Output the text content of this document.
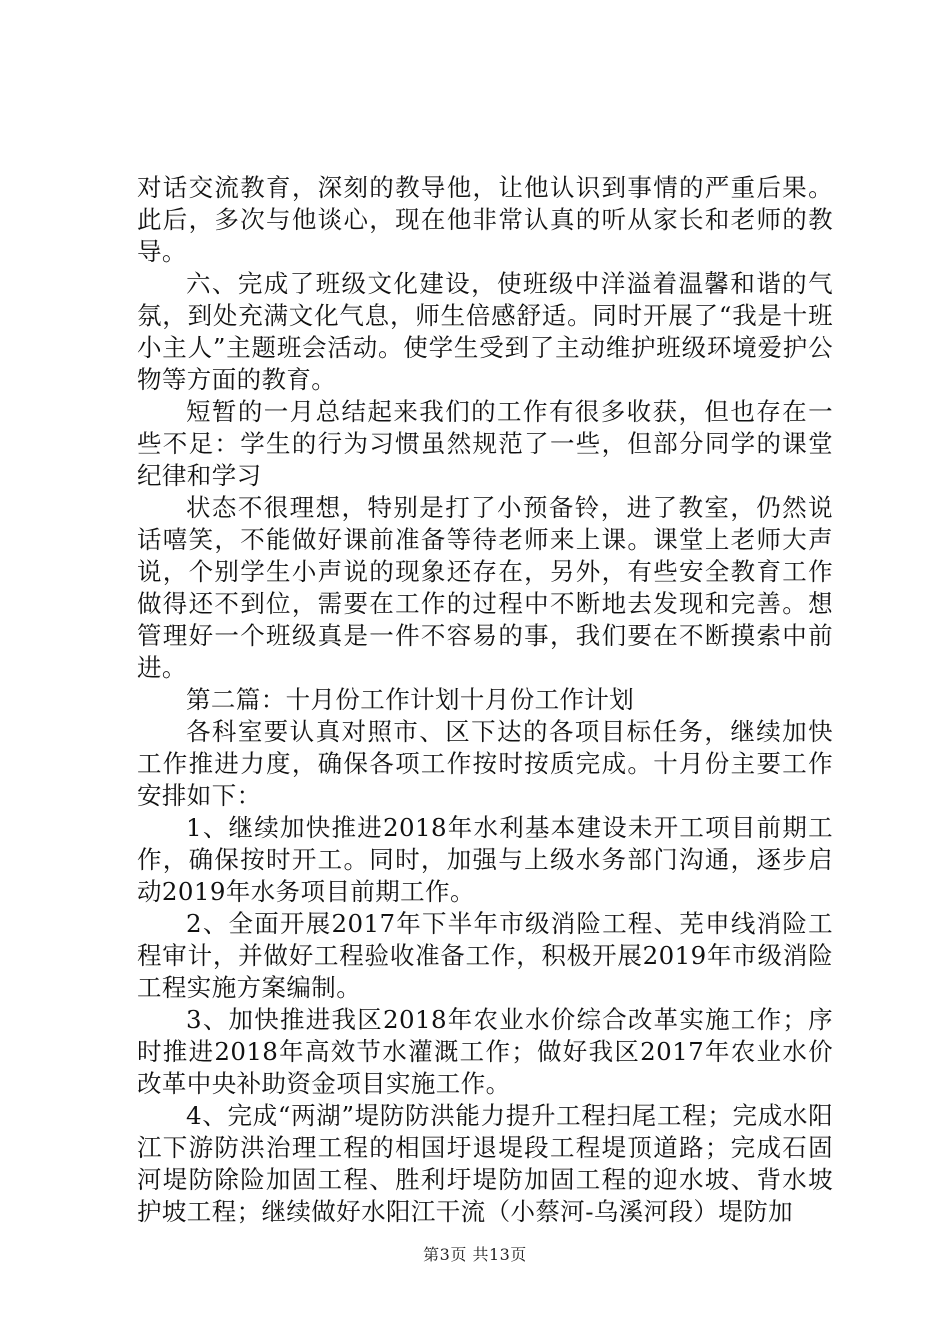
对话交流教育，深刻的教导他，让他认识到事情的严重后果。此后，多次与他谈心，现在他非常认真的听从家长和老师的教导。

六、完成了班级文化建设，使班级中洋溢着温馨和谐的气氛，到处充满文化气息，师生倍感舒适。同时开展了“我是十班小主人”主题班会活动。使学生受到了主动维护班级环境爱护公物等方面的教育。

短暂的一月总结起来我们的工作有很多收获，但也存在一些不足：学生的行为习惯虽然规范了一些，但部分同学的课堂纪律和学习

状态不很理想，特别是打了小预备铃，进了教室，仍然说话嘻笑，不能做好课前准备等待老师来上课。课堂上老师大声说，个别学生小声说的现象还存在，另外，有些安全教育工作做得还不到位，需要在工作的过程中不断地去发现和完善。想管理好一个班级真是一件不容易的事，我们要在不断摸索中前进。

第二篇：十月份工作计划十月份工作计划

各科室要认真对照市、区下达的各项目标任务，继续加快工作推进力度，确保各项工作按时按质完成。十月份主要工作安排如下：

1、继续加快推进2018年水利基本建设未开工项目前期工作，确保按时开工。同时，加强与上级水务部门沟通，逐步启动2019年水务项目前期工作。

2、全面开展2017年下半年市级消险工程、芜申线消险工程审计，并做好工程验收准备工作，积极开展2019年市级消险工程实施方案编制。

3、加快推进我区2018年农业水价综合改革实施工作；序时推进2018年高效节水灌溉工作；做好我区2017年农业水价改革中央补助资金项目实施工作。

4、完成“两湖”堤防防洪能力提升工程扫尾工程；完成水阳江下游防洪治理工程的相国圩退堤段工程堤顶道路；完成石固河堤防除险加固工程、胜利圩堤防加固工程的迎水坡、背水坡护坡工程；继续做好水阳江干流（小蔡河-乌溪河段）堤防加

第3页 共13页
